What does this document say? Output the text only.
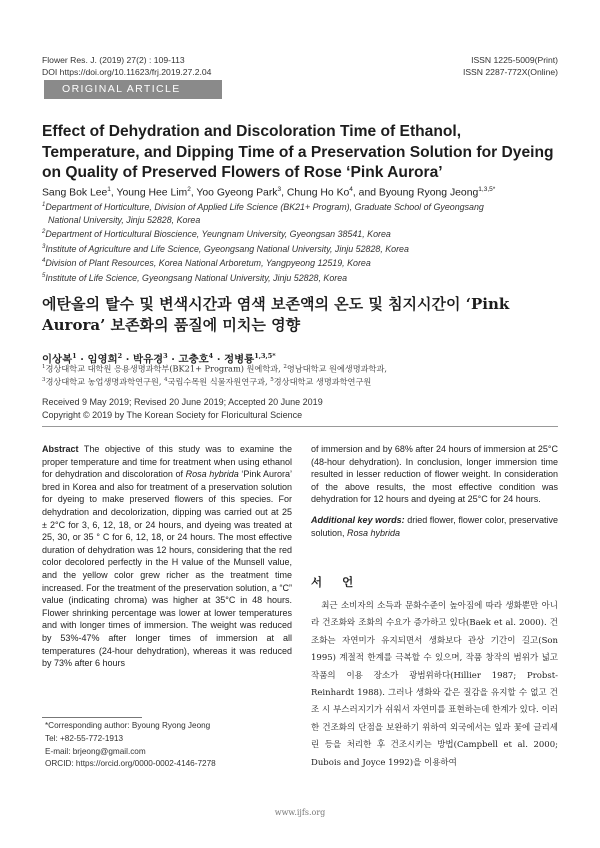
Flower Res. J. (2019) 27(2) : 109-113
DOI https://doi.org/10.11623/frj.2019.27.2.04
ISSN 1225-5009(Print)
ISSN 2287-772X(Online)
ORIGINAL ARTICLE
Effect of Dehydration and Discoloration Time of Ethanol, Temperature, and Dipping Time of a Preservation Solution for Dyeing on Quality of Preserved Flowers of Rose ‘Pink Aurora’
Sang Bok Lee$^1$, Young Hee Lim$^2$, Yoo Gyeong Park$^3$, Chung Ho Ko$^4$, and Byoung Ryong Jeong$^{1,3,5*}$
$^1$Department of Horticulture, Division of Applied Life Science (BK21+ Program), Graduate School of Gyeongsang
National University, Jinju 52828, Korea
$^2$Department of Horticultural Bioscience, Yeungnam University, Gyeongsan 38541, Korea
$^3$Institute of Agriculture and Life Science, Gyeongsang National University, Jinju 52828, Korea
$^4$Division of Plant Resources, Korea National Arboretum, Yangpyeong 12519, Korea
$^5$Institute of Life Science, Gyeongsang National University, Jinju 52828, Korea
에탄올의 탈수 및 변색시간과 염색 보존액의 온도 및 침지시간이 ‘Pink Aurora’ 보존화의 품질에 미치는 영향
이상복$^1$ · 임영희$^2$ · 박유경$^3$ · 고충호$^4$ · 정병룡$^{1,3,5*}$
$^1$경상대학교 대학원 응용생명과학부(BK21+ Program) 원예학과, $^2$영남대학교 원예생명과학과,
$^3$경상대학교 농업생명과학연구원, $^4$국립수목원 식물자원연구과, $^5$경상대학교 생명과학연구원
Received 9 May 2019; Revised 20 June 2019; Accepted 20 June 2019
Copyright © 2019 by The Korean Society for Floricultural Science
Abstract The objective of this study was to examine the proper temperature and time for treatment when using ethanol for dehydration and discoloration of Rosa hybrida ‘Pink Aurora’ bred in Korea and also for treatment of a preservation solution for dyeing to make preserved flowers of this species. For dehydration and decolorization, dipping was carried out at 25 ± 2°C for 3, 6, 12, 18, or 24 hours, and dyeing was treated at 25, 30, or 35 ° C for 6, 12, 18, or 24 hours. The most effective duration of dehydration was 12 hours, considering that the red color decolored perfectly in the H value of the Munsell value, and the yellow color grew richer as the treatment time increased. For the treatment of the preservation solution, a “C” value (indicating chroma) was higher at 35°C in 48 hours. Flower shrinking percentage was lower at lower temperatures and with longer times of immersion. The weight was reduced by 53%-47% after longer times of immersion at all temperatures (24-hour dehydration), whereas it was reduced by 73% after 6 hours
of immersion and by 68% after 24 hours of immersion at 25°C (48-hour dehydration). In conclusion, longer immersion time resulted in lesser reduction of flower weight. In consideration of the above results, the most effective condition was dehydration for 12 hours and dyeing at 25°C for 24 hours.
Additional key words: dried flower, flower color, preservative solution, Rosa hybrida
서 언
최근 소비자의 소득과 문화수준이 높아짐에 따라 생화뿐만 아니라 건조화와 조화의 수요가 증가하고 있다(Baek et al. 2000). 건조화는 자연미가 유지되면서 생화보다 관상 기간이 길고(Son 1995) 계절적 한계를 극복할 수 있으며, 작품 창작의 범위가 넓고 작품의 이용 장소가 광범위하다(Hillier 1987; Probst-Reinhardt 1988). 그러나 생화와 같은 질감을 유지할 수 없고 건조 시 부스러지기가 쉬워서 자연미를 표현하는데 한계가 있다. 이러한 건조화의 단점을 보완하기 위하여 외국에서는 잎과 꽃에 글리세린 등을 처리한 후 건조시키는 방법(Campbell et al. 2000; Dubois and Joyce 1992)을 이용하여
*Corresponding author: Byoung Ryong Jeong
Tel: +82-55-772-1913
E-mail: brjeong@gmail.com
ORCID: https://orcid.org/0000-0002-4146-7278
www.ijfs.org
